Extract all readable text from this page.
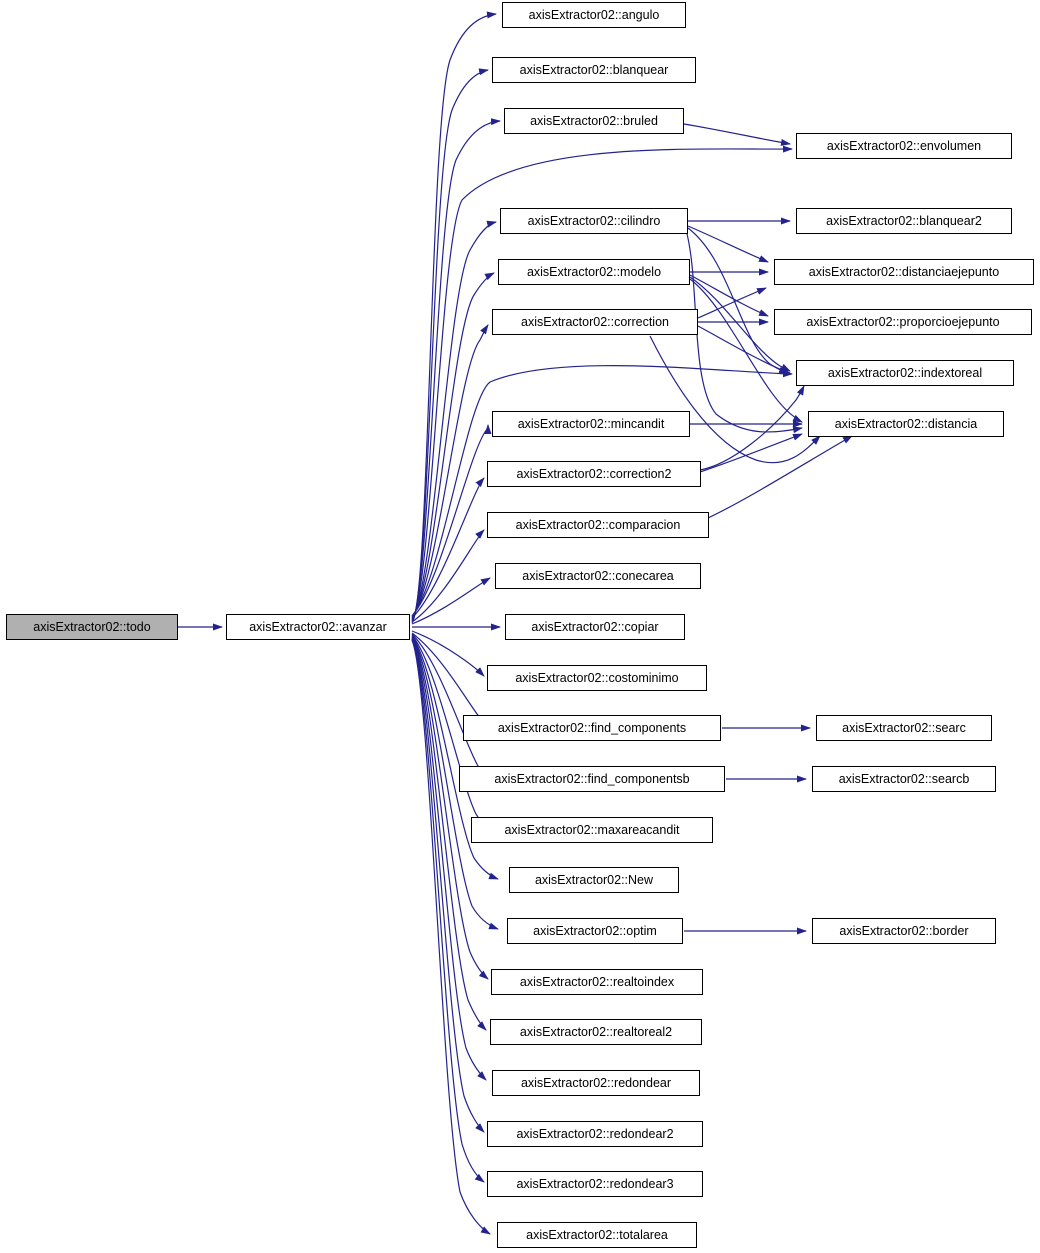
axisExtractor02::todo	axisExtractor02::avanzar
axisExtractor02::angulo
axisExtractor02::blanquear
axisExtractor02::bruled
axisExtractor02::envolumen
axisExtractor02::cilindro	axisExtractor02::blanquear2
axisExtractor02::modelo	axisExtractor02::distanciaejepunto
axisExtractor02::correction	axisExtractor02::proporcioejepunto
axisExtractor02::indextoreal
axisExtractor02::mincandit	axisExtractor02::distancia
axisExtractor02::correction2
axisExtractor02::comparacion
axisExtractor02::conecarea
axisExtractor02::copiar
axisExtractor02::costominimo
axisExtractor02::find_components	axisExtractor02::searc
axisExtractor02::find_componentsb	axisExtractor02::searcb
axisExtractor02::maxareacandit
axisExtractor02::New
axisExtractor02::optim	axisExtractor02::border
axisExtractor02::realtoindex
axisExtractor02::realtoreal2
axisExtractor02::redondear
axisExtractor02::redondear2
axisExtractor02::redondear3
axisExtractor02::totalarea
